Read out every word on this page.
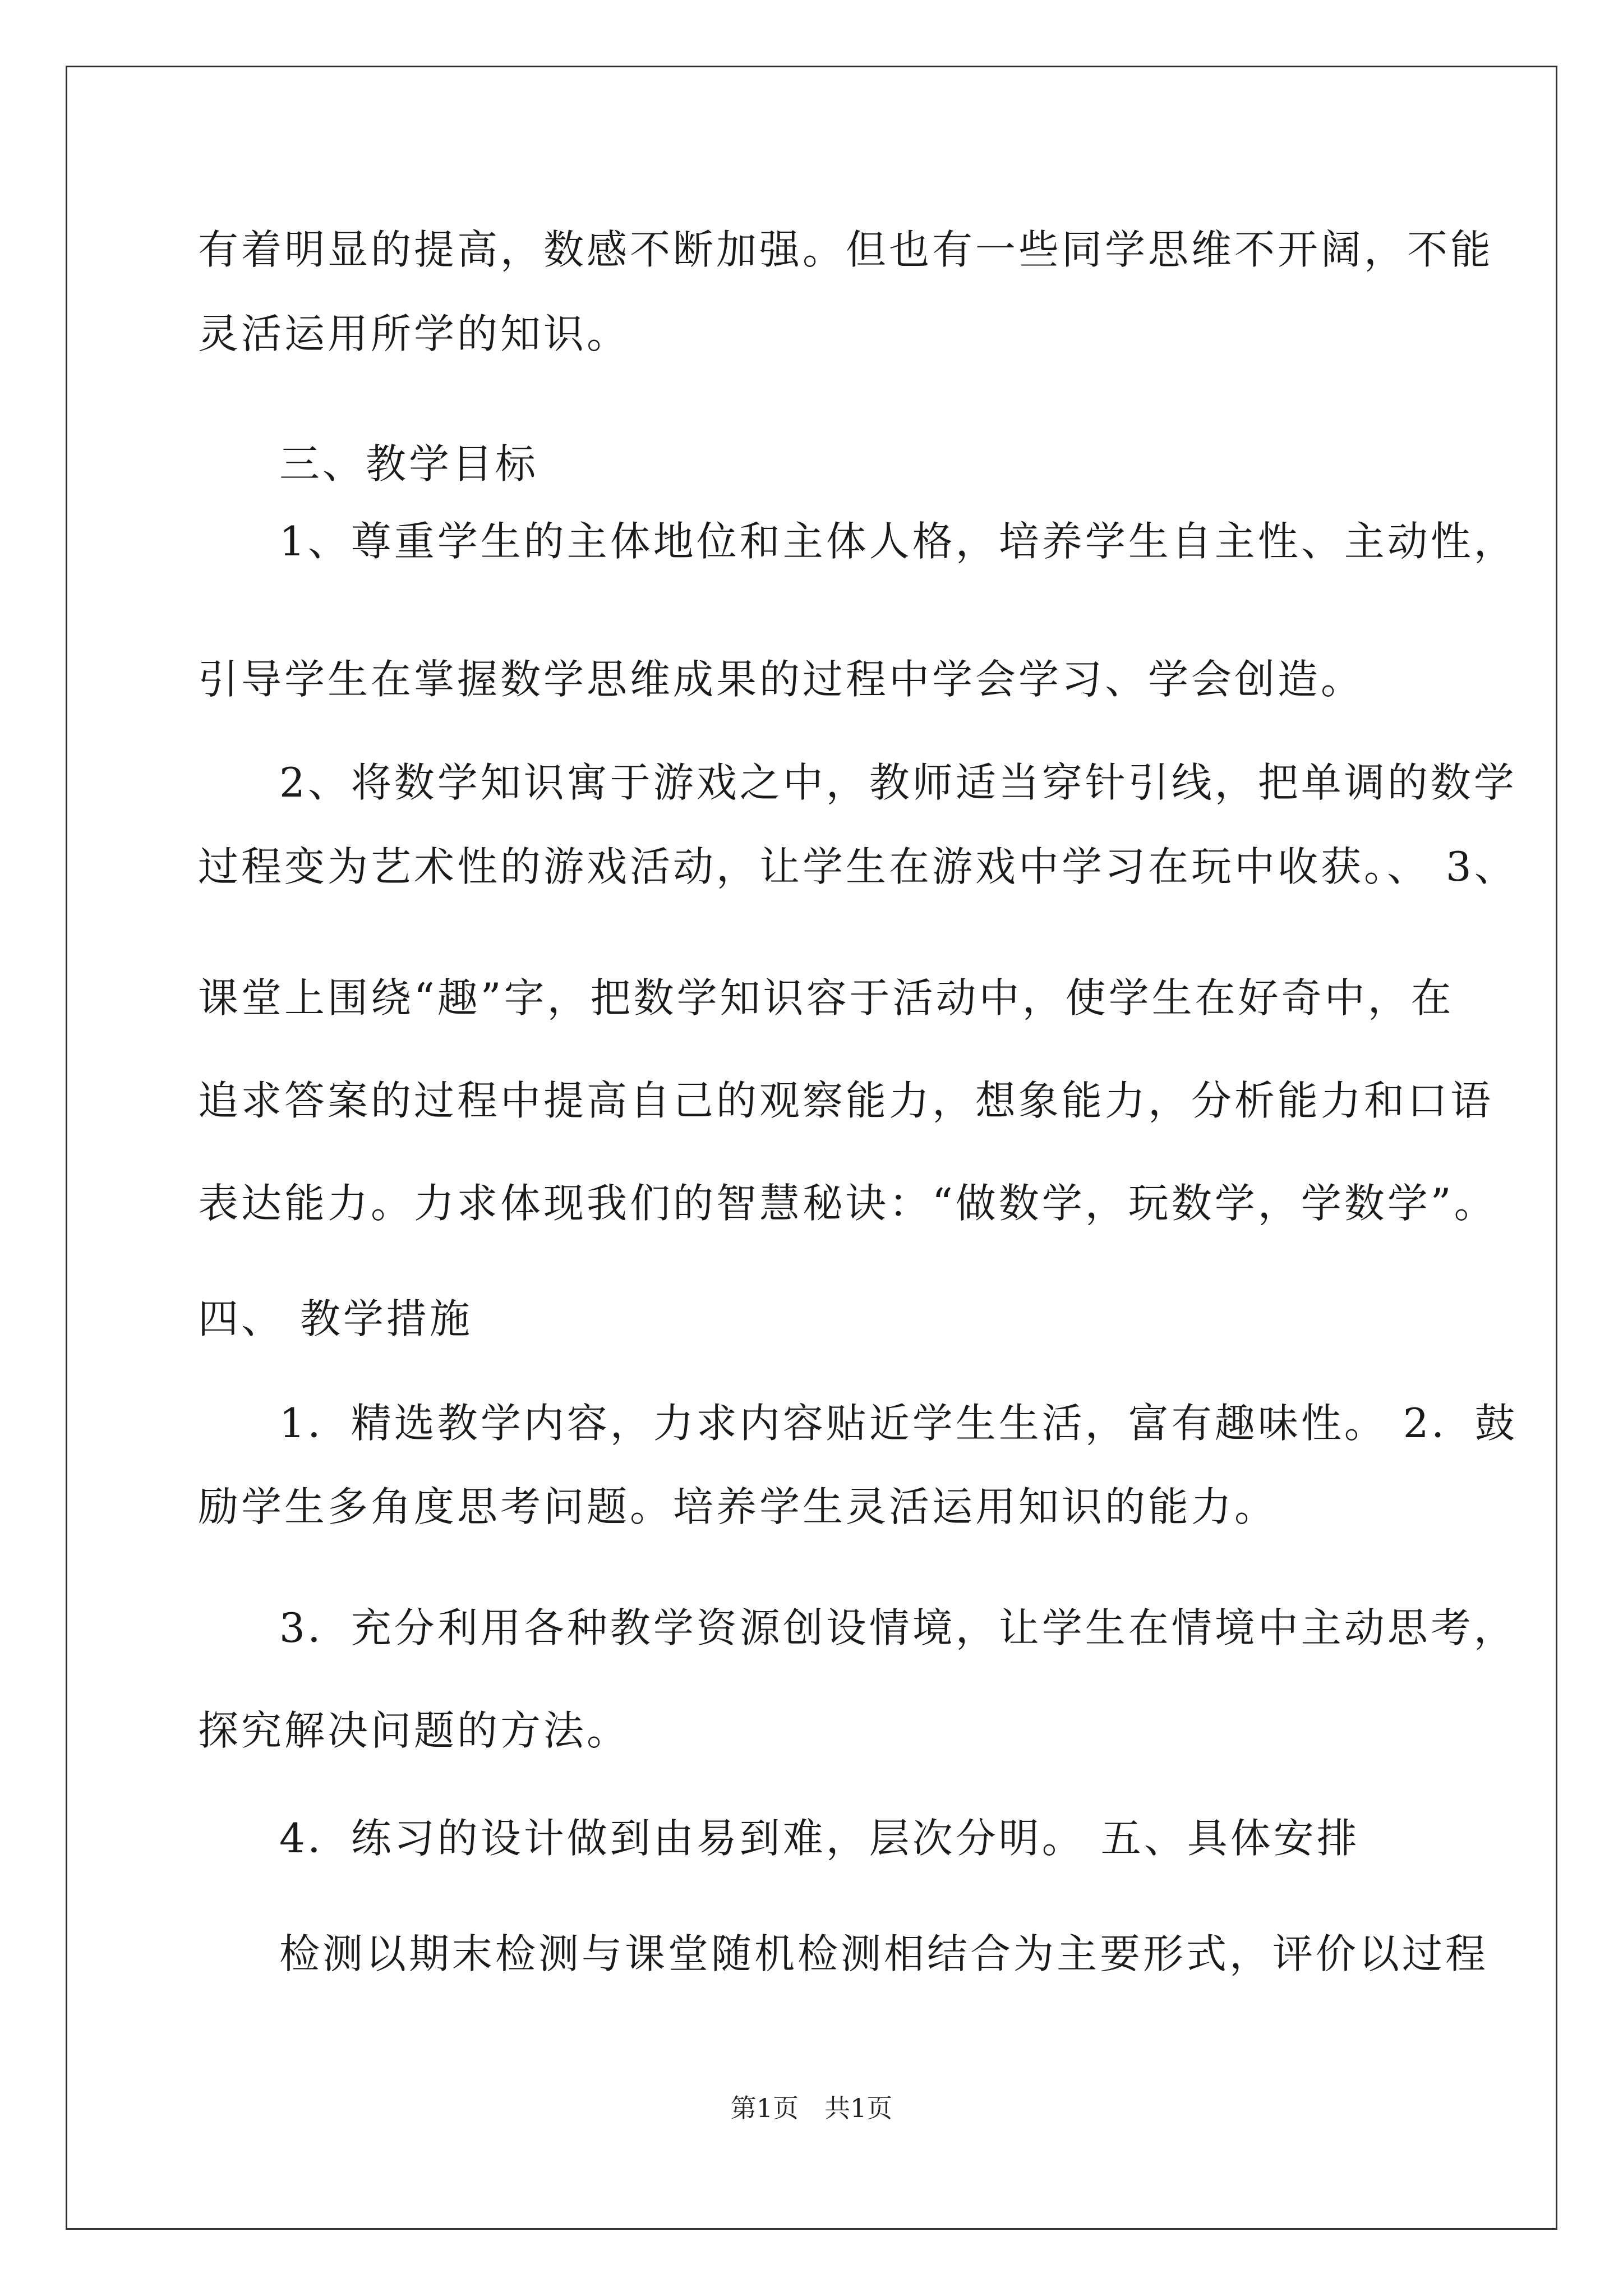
有着明显的提高，数感不断加强。但也有一些同学思维不开阔，不能
灵活运用所学的知识。
三、教学目标
1、尊重学生的主体地位和主体人格，培养学生自主性、主动性，
引导学生在掌握数学思维成果的过程中学会学习、学会创造。
2、将数学知识寓于游戏之中，教师适当穿针引线，把单调的数学
过程变为艺术性的游戏活动，让学生在游戏中学习在玩中收获。、 3、
课堂上围绕“趣”字，把数学知识容于活动中，使学生在好奇中，在
追求答案的过程中提高自己的观察能力，想象能力，分析能力和口语
表达能力。力求体现我们的智慧秘诀：“做数学，玩数学，学数学”。
四、 教学措施
1．精选教学内容，力求内容贴近学生生活，富有趣味性。 2．鼓
励学生多角度思考问题。培养学生灵活运用知识的能力。
3．充分利用各种教学资源创设情境，让学生在情境中主动思考，
探究解决问题的方法。
4．练习的设计做到由易到难，层次分明。 五、具体安排
检测以期末检测与课堂随机检测相结合为主要形式，评价以过程
第1页　共1页
